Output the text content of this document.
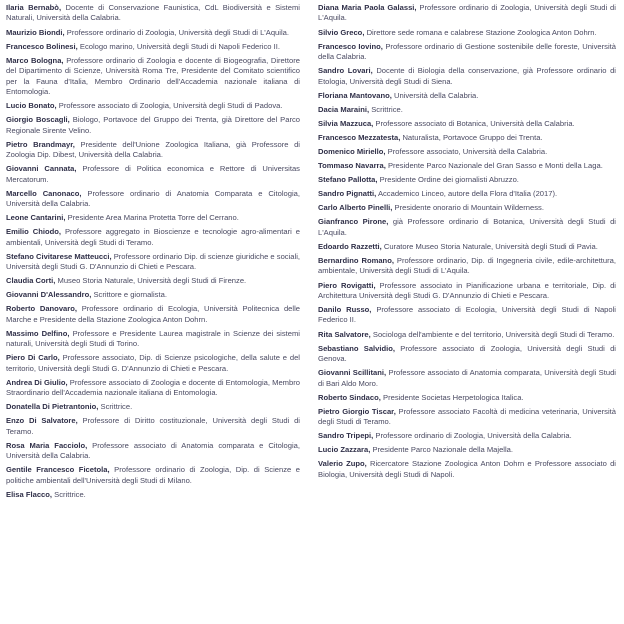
Ilaria Bernabò, Docente di Conservazione Faunistica, CdL Biodiversità e Sistemi Naturali, Università della Calabria.

Maurizio Biondi, Professore ordinario di Zoologia, Università degli Studi di L'Aquila.

Francesco Bolinesi, Ecologo marino, Università degli Studi di Napoli Federico II.

Marco Bologna, Professore ordinario di Zoologia e docente di Biogeografia, Direttore del Dipartimento di Scienze, Università Roma Tre, Presidente del Comitato scientifico per la Fauna d'Italia, Membro Ordinario dell'Accademia nazionale italiana di Entomologia.

Lucio Bonato, Professore associato di Zoologia, Università degli Studi di Padova.

Giorgio Boscagli, Biologo, Portavoce del Gruppo dei Trenta, già Direttore del Parco Regionale Sirente Velino.

Pietro Brandmayr, Presidente dell'Unione Zoologica Italiana, già Professore di Zoologia Dip. Dibest, Università della Calabria.

Giovanni Cannata, Professore di Politica economica e Rettore di Universitas Mercatorum.

Marcello Canonaco, Professore ordinario di Anatomia Comparata e Citologia, Università della Calabria.

Leone Cantarini, Presidente Area Marina Protetta Torre del Cerrano.

Emilio Chiodo, Professore aggregato in Bioscienze e tecnologie agro-alimentari e ambientali, Università degli Studi di Teramo.

Stefano Civitarese Matteucci, Professore ordinario Dip. di scienze giuridiche e sociali, Università degli Studi G. D'Annunzio di Chieti e Pescara.

Claudia Corti, Museo Storia Naturale, Università degli Studi di Firenze.

Giovanni D'Alessandro, Scrittore e giornalista.

Roberto Danovaro, Professore ordinario di Ecologia, Università Politecnica delle Marche e Presidente della Stazione Zoologica Anton Dohrn.

Massimo Delfino, Professore e Presidente Laurea magistrale in Scienze dei sistemi naturali, Università degli Studi di Torino.

Piero Di Carlo, Professore associato, Dip. di Scienze psicologiche, della salute e del territorio, Università degli Studi G. D'Annunzio di Chieti e Pescara.

Andrea Di Giulio, Professore associato di Zoologia e docente di Entomologia, Membro Straordinario dell'Accademia nazionale italiana di Entomologia.

Donatella Di Pietrantonio, Scrittrice.

Enzo Di Salvatore, Professore di Diritto costituzionale, Università degli Studi di Teramo.

Rosa Maria Facciolo, Professore associato di Anatomia comparata e Citologia, Università della Calabria.

Gentile Francesco Ficetola, Professore ordinario di Zoologia, Dip. di Scienze e politiche ambientali dell'Università degli Studi di Milano.

Elisa Flacco, Scrittrice.

Diana Maria Paola Galassi, Professore ordinario di Zoologia, Università degli Studi di L'Aquila.

Silvio Greco, Direttore sede romana e calabrese Stazione Zoologica Anton Dohrn.

Francesco Iovino, Professore ordinario di Gestione sostenibile delle foreste, Università della Calabria.

Sandro Lovari, Docente di Biologia della conservazione, già Professore ordinario di Etologia, Università degli Studi di Siena.

Floriana Mantovano, Università della Calabria.

Dacia Maraini, Scrittrice.

Silvia Mazzuca, Professore associato di Botanica, Università della Calabria.

Francesco Mezzatesta, Naturalista, Portavoce Gruppo dei Trenta.

Domenico Miriello, Professore associato, Università della Calabria.

Tommaso Navarra, Presidente Parco Nazionale del Gran Sasso e Monti della Laga.

Stefano Pallotta, Presidente Ordine dei giornalisti Abruzzo.

Sandro Pignatti, Accademico Linceo, autore della Flora d'Italia (2017).

Carlo Alberto Pinelli, Presidente onorario di Mountain Wilderness.

Gianfranco Pirone, già Professore ordinario di Botanica, Università degli Studi di L'Aquila.

Edoardo Razzetti, Curatore Museo Storia Naturale, Università degli Studi di Pavia.

Bernardino Romano, Professore ordinario, Dip. di Ingegneria civile, edile-architettura, ambientale, Università degli Studi di L'Aquila.

Piero Rovigatti, Professore associato in Pianificazione urbana e territoriale, Dip. di Architettura Università degli Studi G. D'Annunzio di Chieti e Pescara.

Danilo Russo, Professore associato di Ecologia, Università degli Studi di Napoli Federico II.

Rita Salvatore, Sociologa dell'ambiente e del territorio, Università degli Studi di Teramo.

Sebastiano Salvidio, Professore associato di Zoologia, Università degli Studi di Genova.

Giovanni Scillitani, Professore associato di Anatomia comparata, Università degli Studi di Bari Aldo Moro.

Roberto Sindaco, Presidente Societas Herpetologica Italica.

Pietro Giorgio Tiscar, Professore associato Facoltà di medicina veterinaria, Università degli Studi di Teramo.

Sandro Tripepi, Professore ordinario di Zoologia, Università della Calabria.

Lucio Zazzara, Presidente Parco Nazionale della Majella.

Valerio Zupo, Ricercatore Stazione Zoologica Anton Dohrn e Professore associato di Biologia, Università degli Studi di Napoli.
